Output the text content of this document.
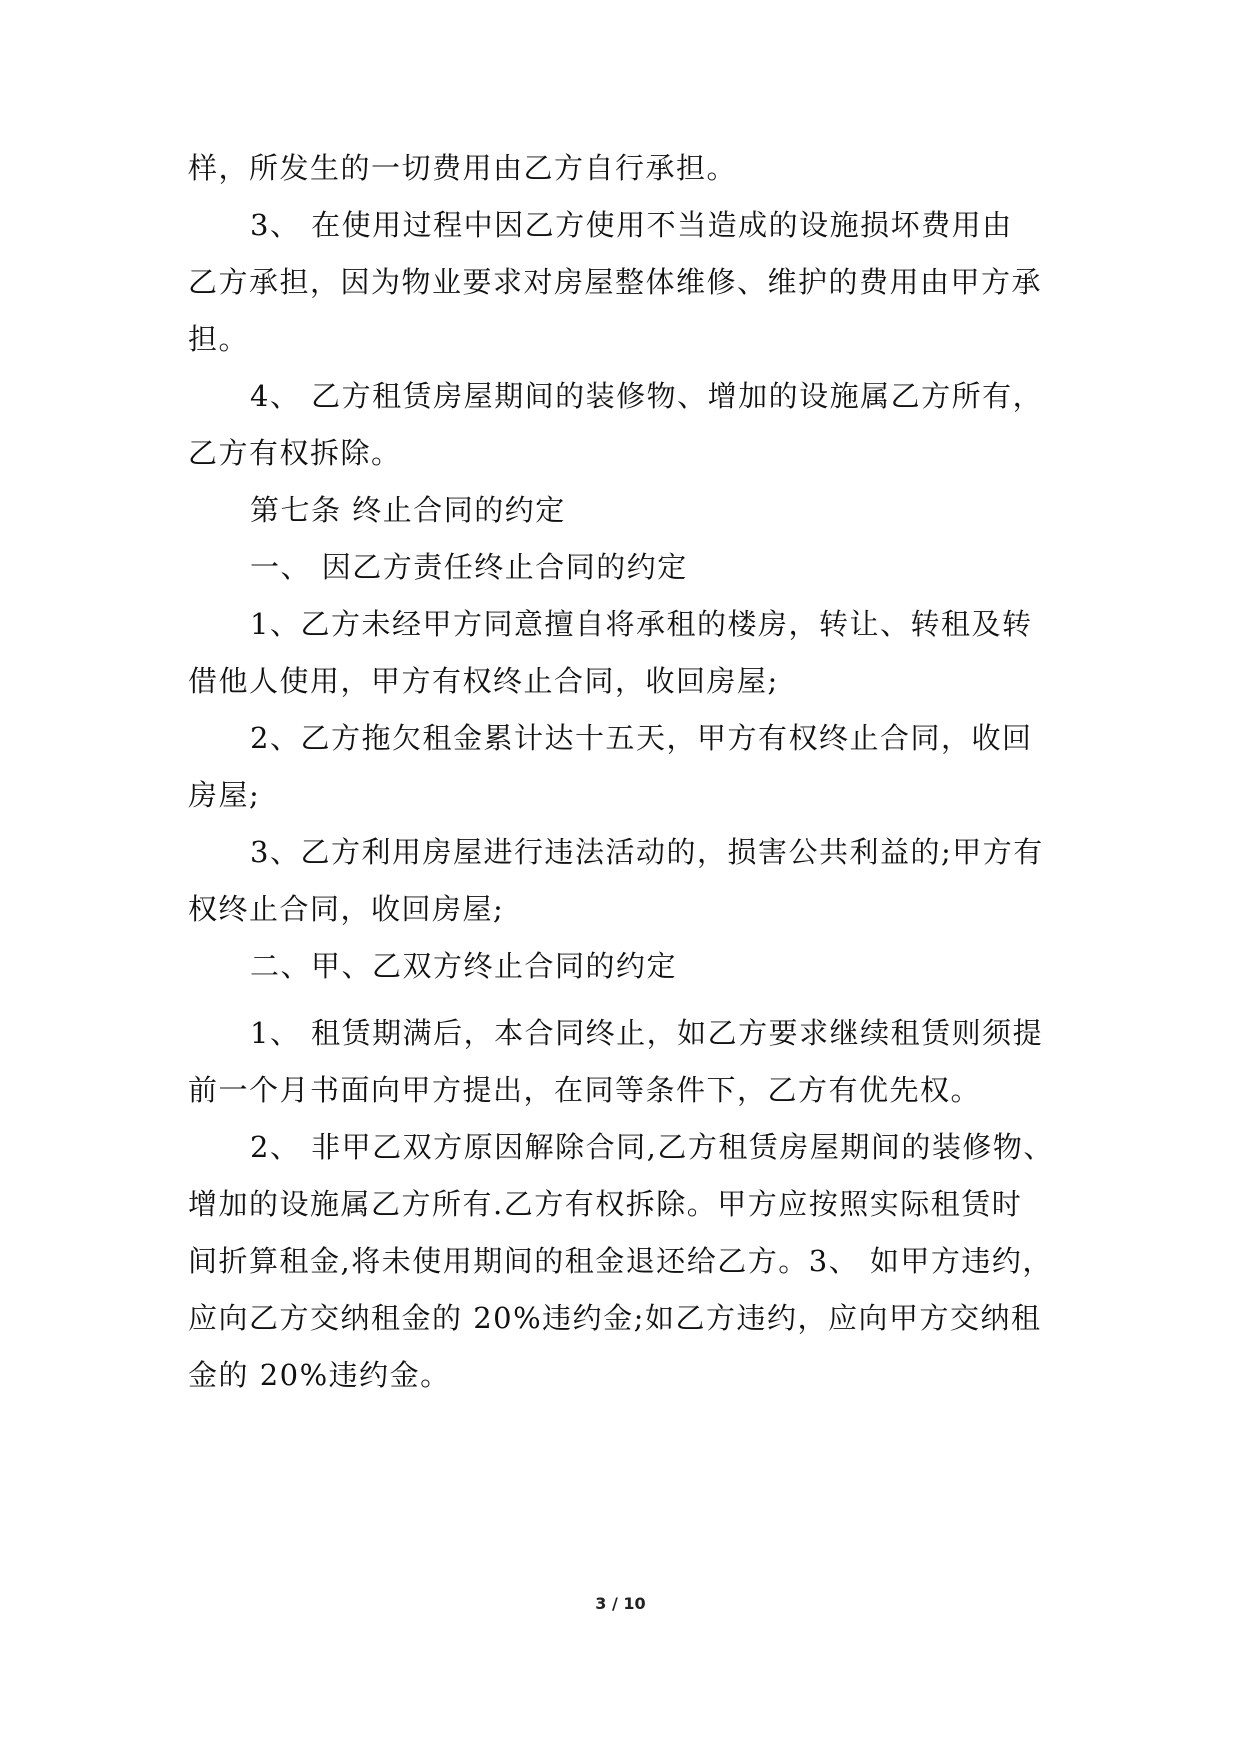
样，所发生的一切费用由乙方自行承担。
3、 在使用过程中因乙方使用不当造成的设施损坏费用由
乙方承担，因为物业要求对房屋整体维修、维护的费用由甲方承
担。
4、 乙方租赁房屋期间的装修物、增加的设施属乙方所有，
乙方有权拆除。
第七条 终止合同的约定
一、 因乙方责任终止合同的约定
1、乙方未经甲方同意擅自将承租的楼房，转让、转租及转
借他人使用，甲方有权终止合同，收回房屋;
2、乙方拖欠租金累计达十五天，甲方有权终止合同，收回
房屋;
3、乙方利用房屋进行违法活动的，损害公共利益的;甲方有
权终止合同，收回房屋;
二、甲、乙双方终止合同的约定
1、 租赁期满后，本合同终止，如乙方要求继续租赁则须提
前一个月书面向甲方提出，在同等条件下，乙方有优先权。
2、 非甲乙双方原因解除合同,乙方租赁房屋期间的装修物、
增加的设施属乙方所有.乙方有权拆除。甲方应按照实际租赁时
间折算租金,将未使用期间的租金退还给乙方。3、 如甲方违约，
应向乙方交纳租金的 20%违约金;如乙方违约，应向甲方交纳租
金的 20%违约金。
3 / 10
